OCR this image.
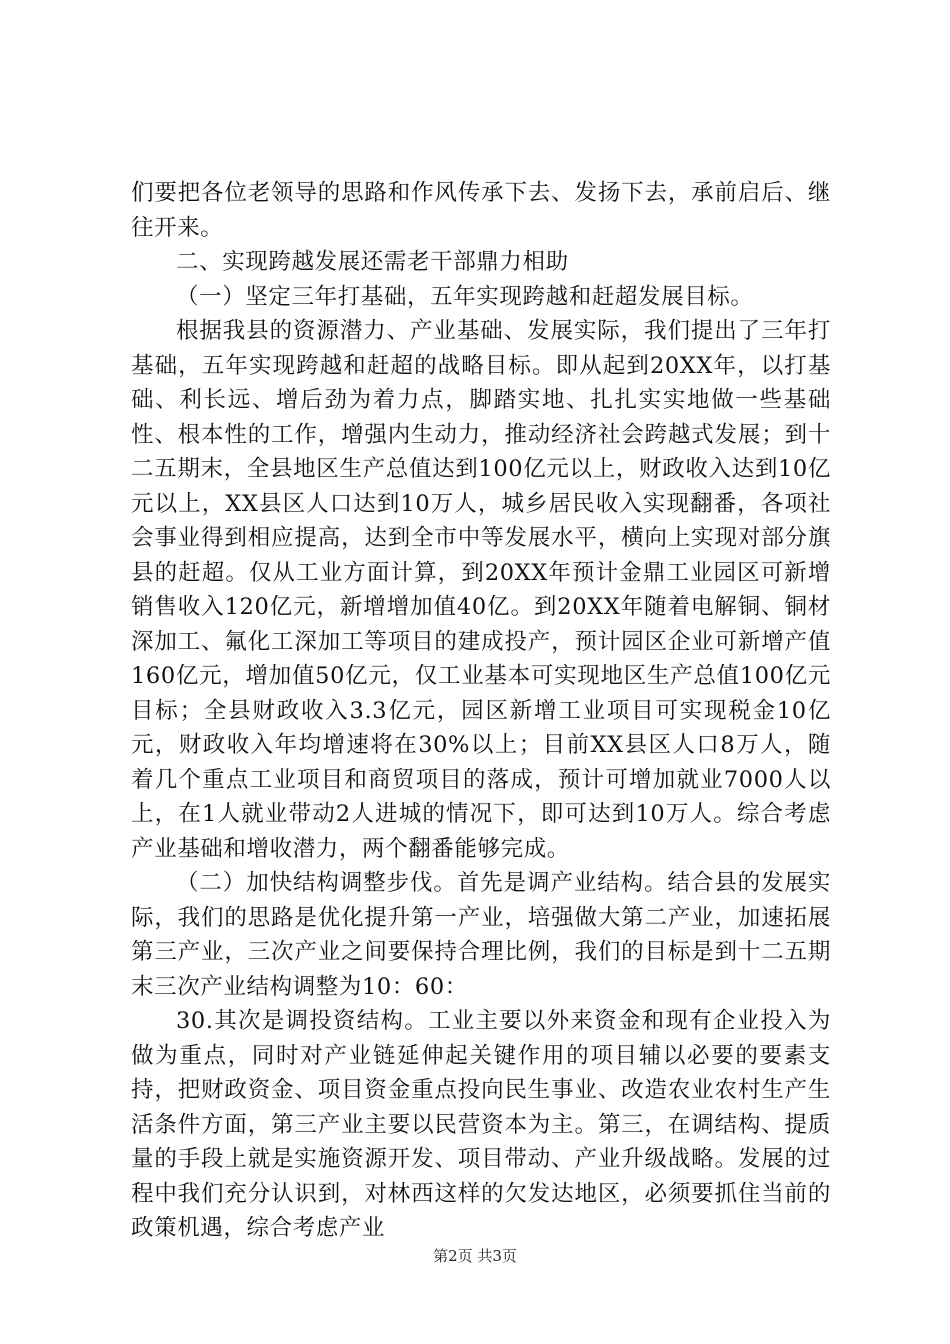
们要把各位老领导的思路和作风传承下去、发扬下去，承前启后、继往开来。

二、实现跨越发展还需老干部鼎力相助

（一）坚定三年打基础，五年实现跨越和赶超发展目标。

根据我县的资源潜力、产业基础、发展实际，我们提出了三年打基础，五年实现跨越和赶超的战略目标。即从起到20XX年，以打基础、利长远、增后劲为着力点，脚踏实地、扎扎实实地做一些基础性、根本性的工作，增强内生动力，推动经济社会跨越式发展；到十二五期末，全县地区生产总值达到100亿元以上，财政收入达到10亿元以上，XX县区人口达到10万人，城乡居民收入实现翻番，各项社会事业得到相应提高，达到全市中等发展水平，横向上实现对部分旗县的赶超。仅从工业方面计算，到20XX年预计金鼎工业园区可新增销售收入120亿元，新增增加值40亿。到20XX年随着电解铜、铜材深加工、氟化工深加工等项目的建成投产，预计园区企业可新增产值160亿元，增加值50亿元，仅工业基本可实现地区生产总值100亿元目标；全县财政收入3.3亿元，园区新增工业项目可实现税金10亿元，财政收入年均增速将在30%以上；目前XX县区人口8万人，随着几个重点工业项目和商贸项目的落成，预计可增加就业7000人以上，在1人就业带动2人进城的情况下，即可达到10万人。综合考虑产业基础和增收潜力，两个翻番能够完成。

（二）加快结构调整步伐。首先是调产业结构。结合县的发展实际，我们的思路是优化提升第一产业，培强做大第二产业，加速拓展第三产业，三次产业之间要保持合理比例，我们的目标是到十二五期末三次产业结构调整为10：60：

30.其次是调投资结构。工业主要以外来资金和现有企业投入为做为重点，同时对产业链延伸起关键作用的项目辅以必要的要素支持，把财政资金、项目资金重点投向民生事业、改造农业农村生产生活条件方面，第三产业主要以民营资本为主。第三，在调结构、提质量的手段上就是实施资源开发、项目带动、产业升级战略。发展的过程中我们充分认识到，对林西这样的欠发达地区，必须要抓住当前的政策机遇，综合考虑产业

第2页 共3页
